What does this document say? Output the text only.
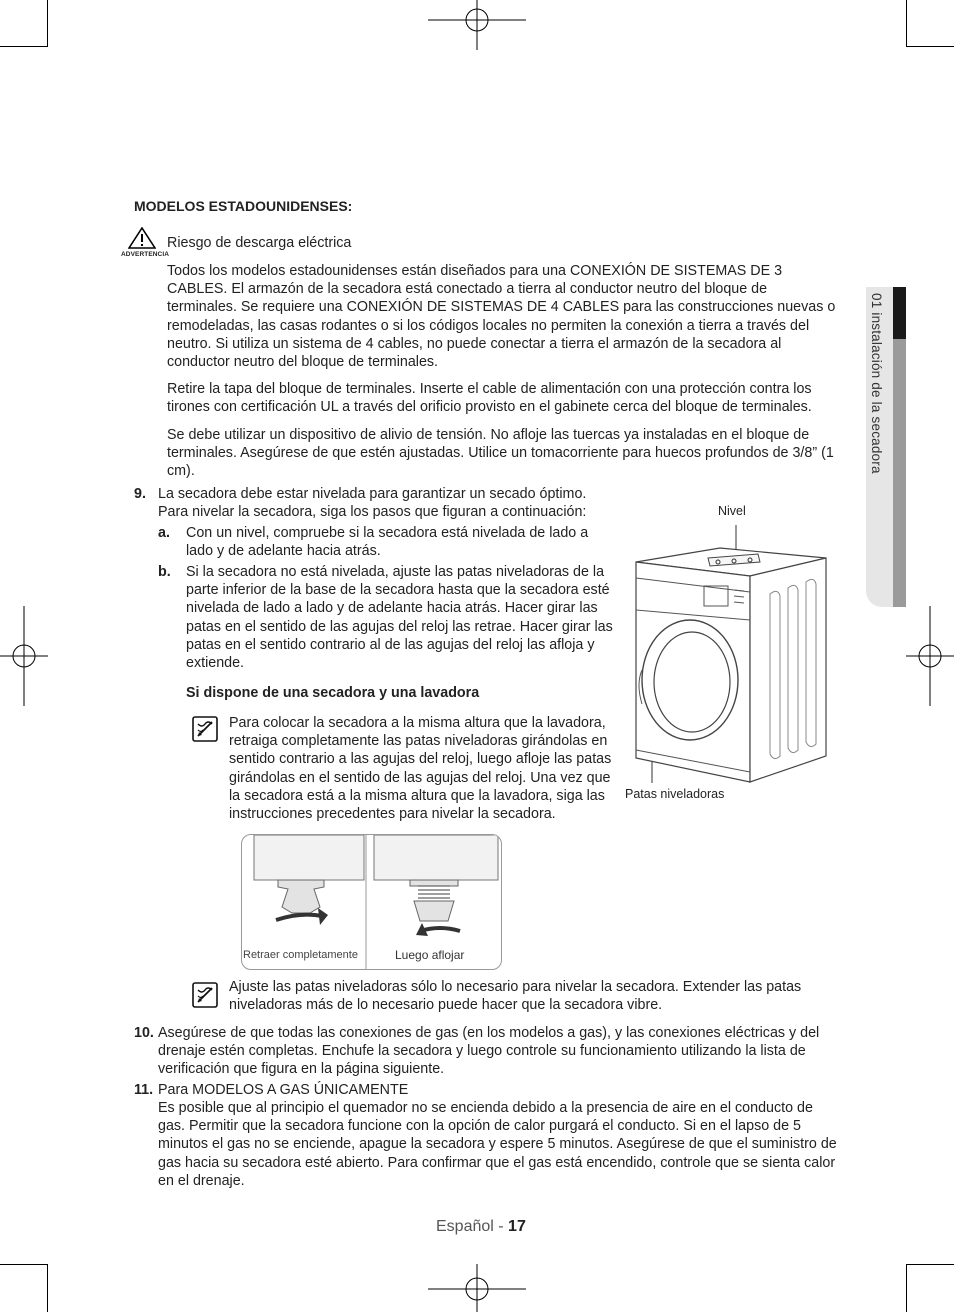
01 instalación de la secadora
MODELOS ESTADOUNIDENSES:
ADVERTENCIA
Riesgo de descarga eléctrica
Todos los modelos estadounidenses están diseñados para una CONEXIÓN DE SISTEMAS DE 3 CABLES. El armazón de la secadora está conectado a tierra al conductor neutro del bloque de terminales. Se requiere una CONEXIÓN DE SISTEMAS DE 4 CABLES para las construcciones nuevas o remodeladas, las casas rodantes o si los códigos locales no permiten la conexión a tierra a través del neutro. Si utiliza un sistema de 4 cables, no puede conectar a tierra el armazón de la secadora al conductor neutro del bloque de terminales.
Retire la tapa del bloque de terminales. Inserte el cable de alimentación con una protección contra los tirones con certificación UL a través del orificio provisto en el gabinete cerca del bloque de terminales.
Se debe utilizar un dispositivo de alivio de tensión. No afloje las tuercas ya instaladas en el bloque de terminales. Asegúrese de que estén ajustadas. Utilice un tomacorriente para huecos profundos de 3/8” (1 cm).
9. La secadora debe estar nivelada para garantizar un secado óptimo. Para nivelar la secadora, siga los pasos que figuran a continuación:
a. Con un nivel, compruebe si la secadora está nivelada de lado a lado y de adelante hacia atrás.
b. Si la secadora no está nivelada, ajuste las patas niveladoras de la parte inferior de la base de la secadora hasta que la secadora esté nivelada de lado a lado y de adelante hacia atrás. Hacer girar las patas en el sentido de las agujas del reloj las retrae. Hacer girar las patas en el sentido contrario al de las agujas del reloj las afloja y extiende.
Si dispone de una secadora y una lavadora
Para colocar la secadora a la misma altura que la lavadora, retraiga completamente las patas niveladoras girándolas en sentido contrario a las agujas del reloj, luego afloje las patas girándolas en el sentido de las agujas del reloj. Una vez que la secadora está a la misma altura que la lavadora, siga las instrucciones precedentes para nivelar la secadora.
Retraer completamente	Luego aflojar
Ajuste las patas niveladoras sólo lo necesario para nivelar la secadora. Extender las patas niveladoras más de lo necesario puede hacer que la secadora vibre.
Nivel
Patas niveladoras
10. Asegúrese de que todas las conexiones de gas (en los modelos a gas), y las conexiones eléctricas y del drenaje estén completas. Enchufe la secadora y luego controle su funcionamiento utilizando la lista de verificación que figura en la página siguiente.
11. Para MODELOS A GAS ÚNICAMENTE
Es posible que al principio el quemador no se encienda debido a la presencia de aire en el conducto de gas. Permitir que la secadora funcione con la opción de calor purgará el conducto. Si en el lapso de 5 minutos el gas no se enciende, apague la secadora y espere 5 minutos. Asegúrese de que el suministro de gas hacia su secadora esté abierto. Para confirmar que el gas está encendido, controle que se sienta calor en el drenaje.
Español - 17
